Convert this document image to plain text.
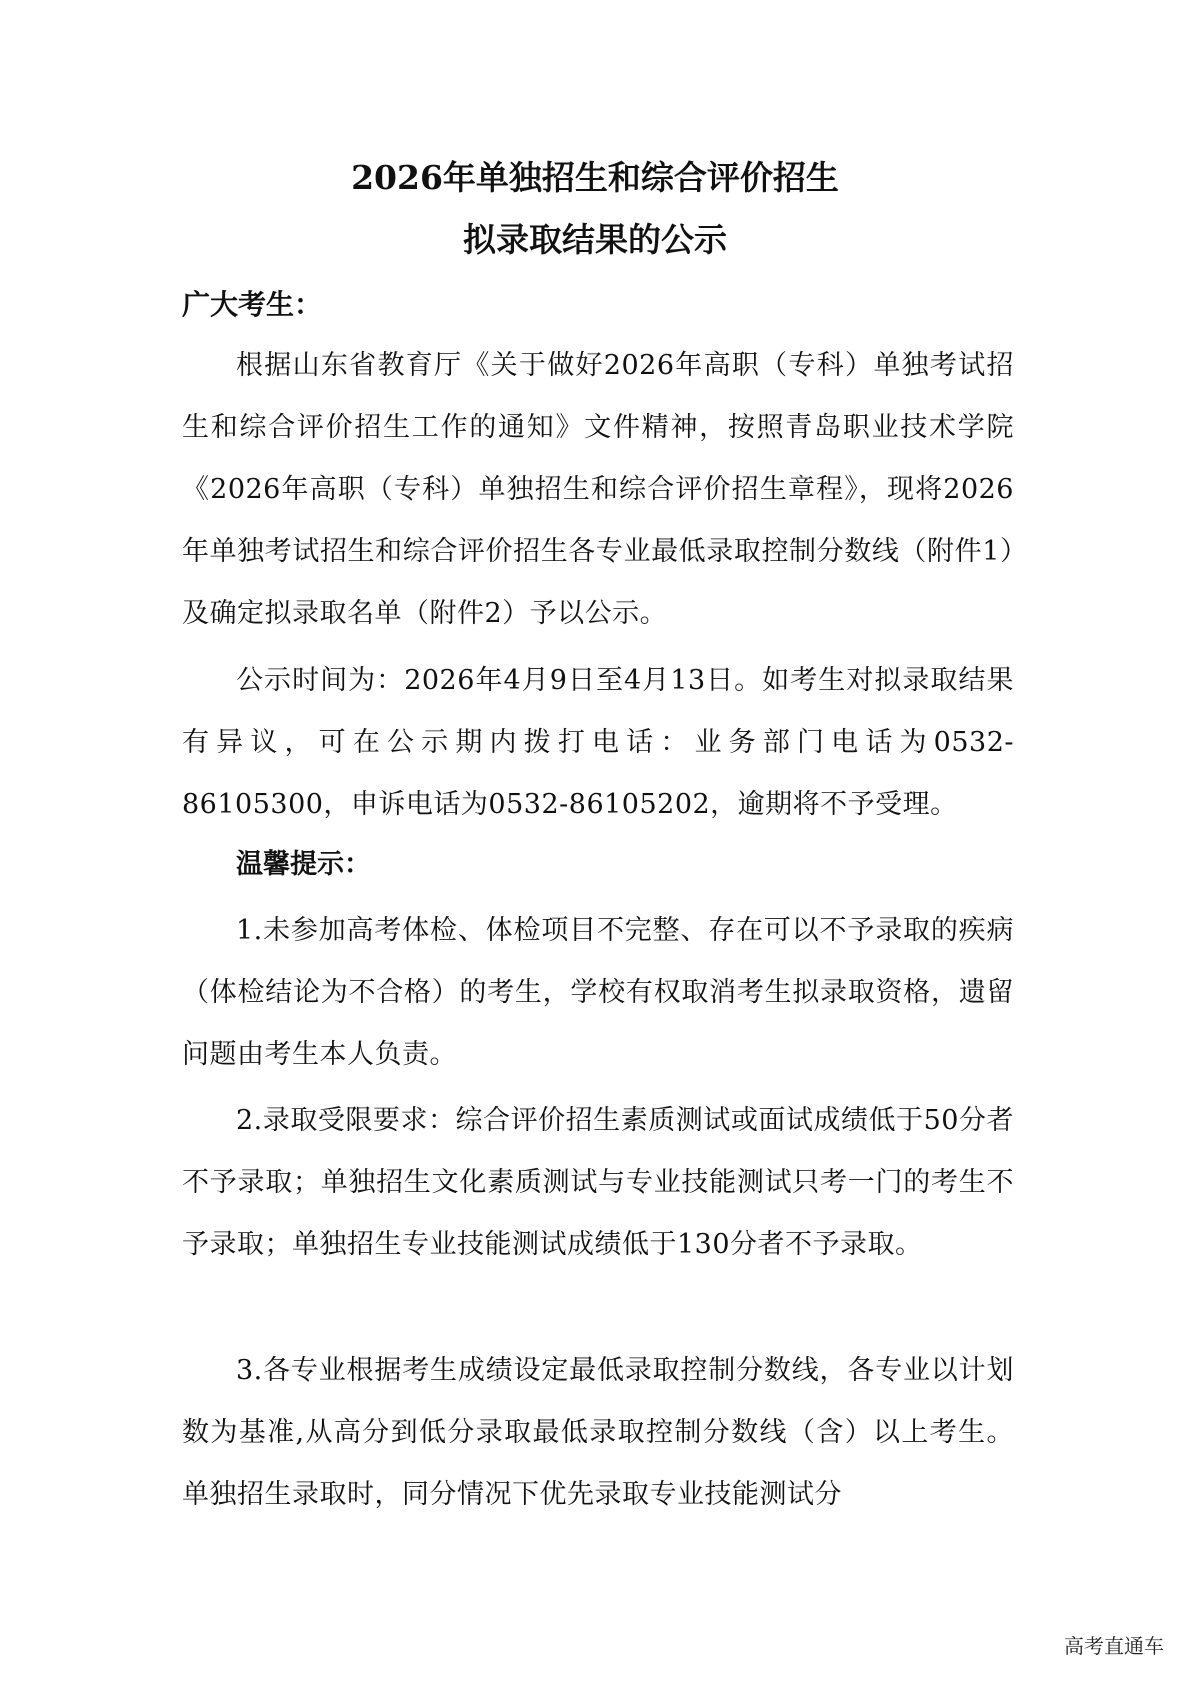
2026年单独招生和综合评价招生
拟录取结果的公示

广大考生：

根据山东省教育厅《关于做好2026年高职（专科）单独考试招生和综合评价招生工作的通知》文件精神，按照青岛职业技术学院《2026年高职（专科）单独招生和综合评价招生章程》，现将2026年单独考试招生和综合评价招生各专业最低录取控制分数线（附件1）及确定拟录取名单（附件2）予以公示。

公示时间为：2026年4月9日至4月13日。如考生对拟录取结果有异议，可在公示期内拨打电话：业务部门电话为0532-86105300，申诉电话为0532-86105202，逾期将不予受理。

温馨提示：

1.未参加高考体检、体检项目不完整、存在可以不予录取的疾病（体检结论为不合格）的考生，学校有权取消考生拟录取资格，遗留问题由考生本人负责。

2.录取受限要求：综合评价招生素质测试或面试成绩低于50分者不予录取；单独招生文化素质测试与专业技能测试只考一门的考生不予录取；单独招生专业技能测试成绩低于130分者不予录取。

3.各专业根据考生成绩设定最低录取控制分数线，各专业以计划数为基准,从高分到低分录取最低录取控制分数线（含）以上考生。单独招生录取时，同分情况下优先录取专业技能测试分

高考直通车
